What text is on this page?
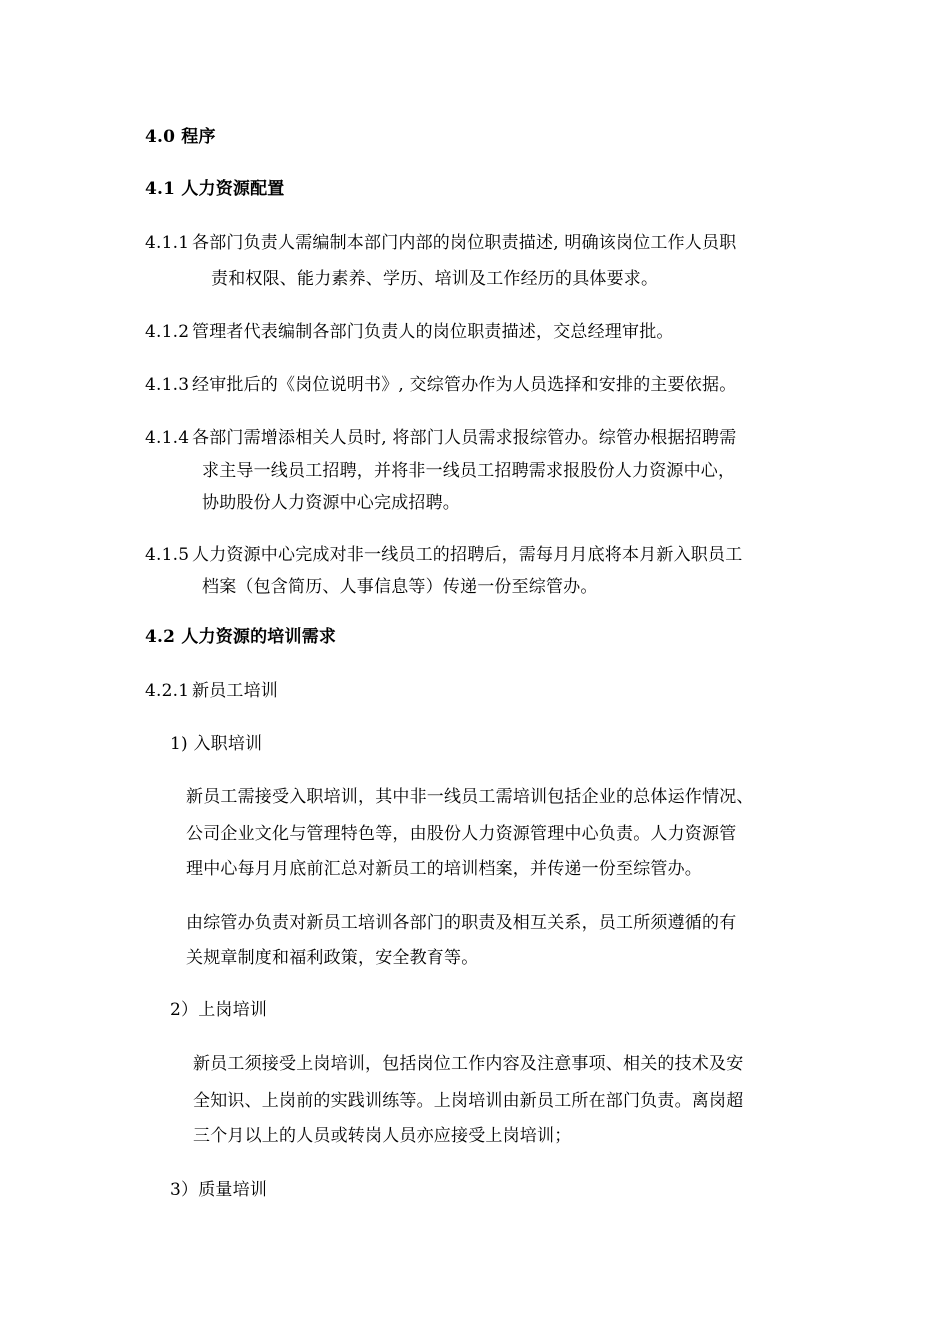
4.0 程序
4.1 人力资源配置
4.1.1 各部门负责人需编制本部门内部的岗位职责描述, 明确该岗位工作人员职
责和权限、能力素养、学历、培训及工作经历的具体要求。
4.1.2 管理者代表编制各部门负责人的岗位职责描述，交总经理审批。
4.1.3 经审批后的《岗位说明书》, 交综管办作为人员选择和安排的主要依据。
4.1.4 各部门需增添相关人员时, 将部门人员需求报综管办。综管办根据招聘需
求主导一线员工招聘，并将非一线员工招聘需求报股份人力资源中心，
协助股份人力资源中心完成招聘。
4.1.5 人力资源中心完成对非一线员工的招聘后，需每月月底将本月新入职员工
档案（包含简历、人事信息等）传递一份至综管办。
4.2 人力资源的培训需求
4.2.1 新员工培训
1) 入职培训
新员工需接受入职培训，其中非一线员工需培训包括企业的总体运作情况、
公司企业文化与管理特色等，由股份人力资源管理中心负责。人力资源管
理中心每月月底前汇总对新员工的培训档案，并传递一份至综管办。
由综管办负责对新员工培训各部门的职责及相互关系，员工所须遵循的有
关规章制度和福利政策，安全教育等。
2）上岗培训
新员工须接受上岗培训，包括岗位工作内容及注意事项、相关的技术及安
全知识、上岗前的实践训练等。上岗培训由新员工所在部门负责。离岗超
三个月以上的人员或转岗人员亦应接受上岗培训；
3）质量培训
